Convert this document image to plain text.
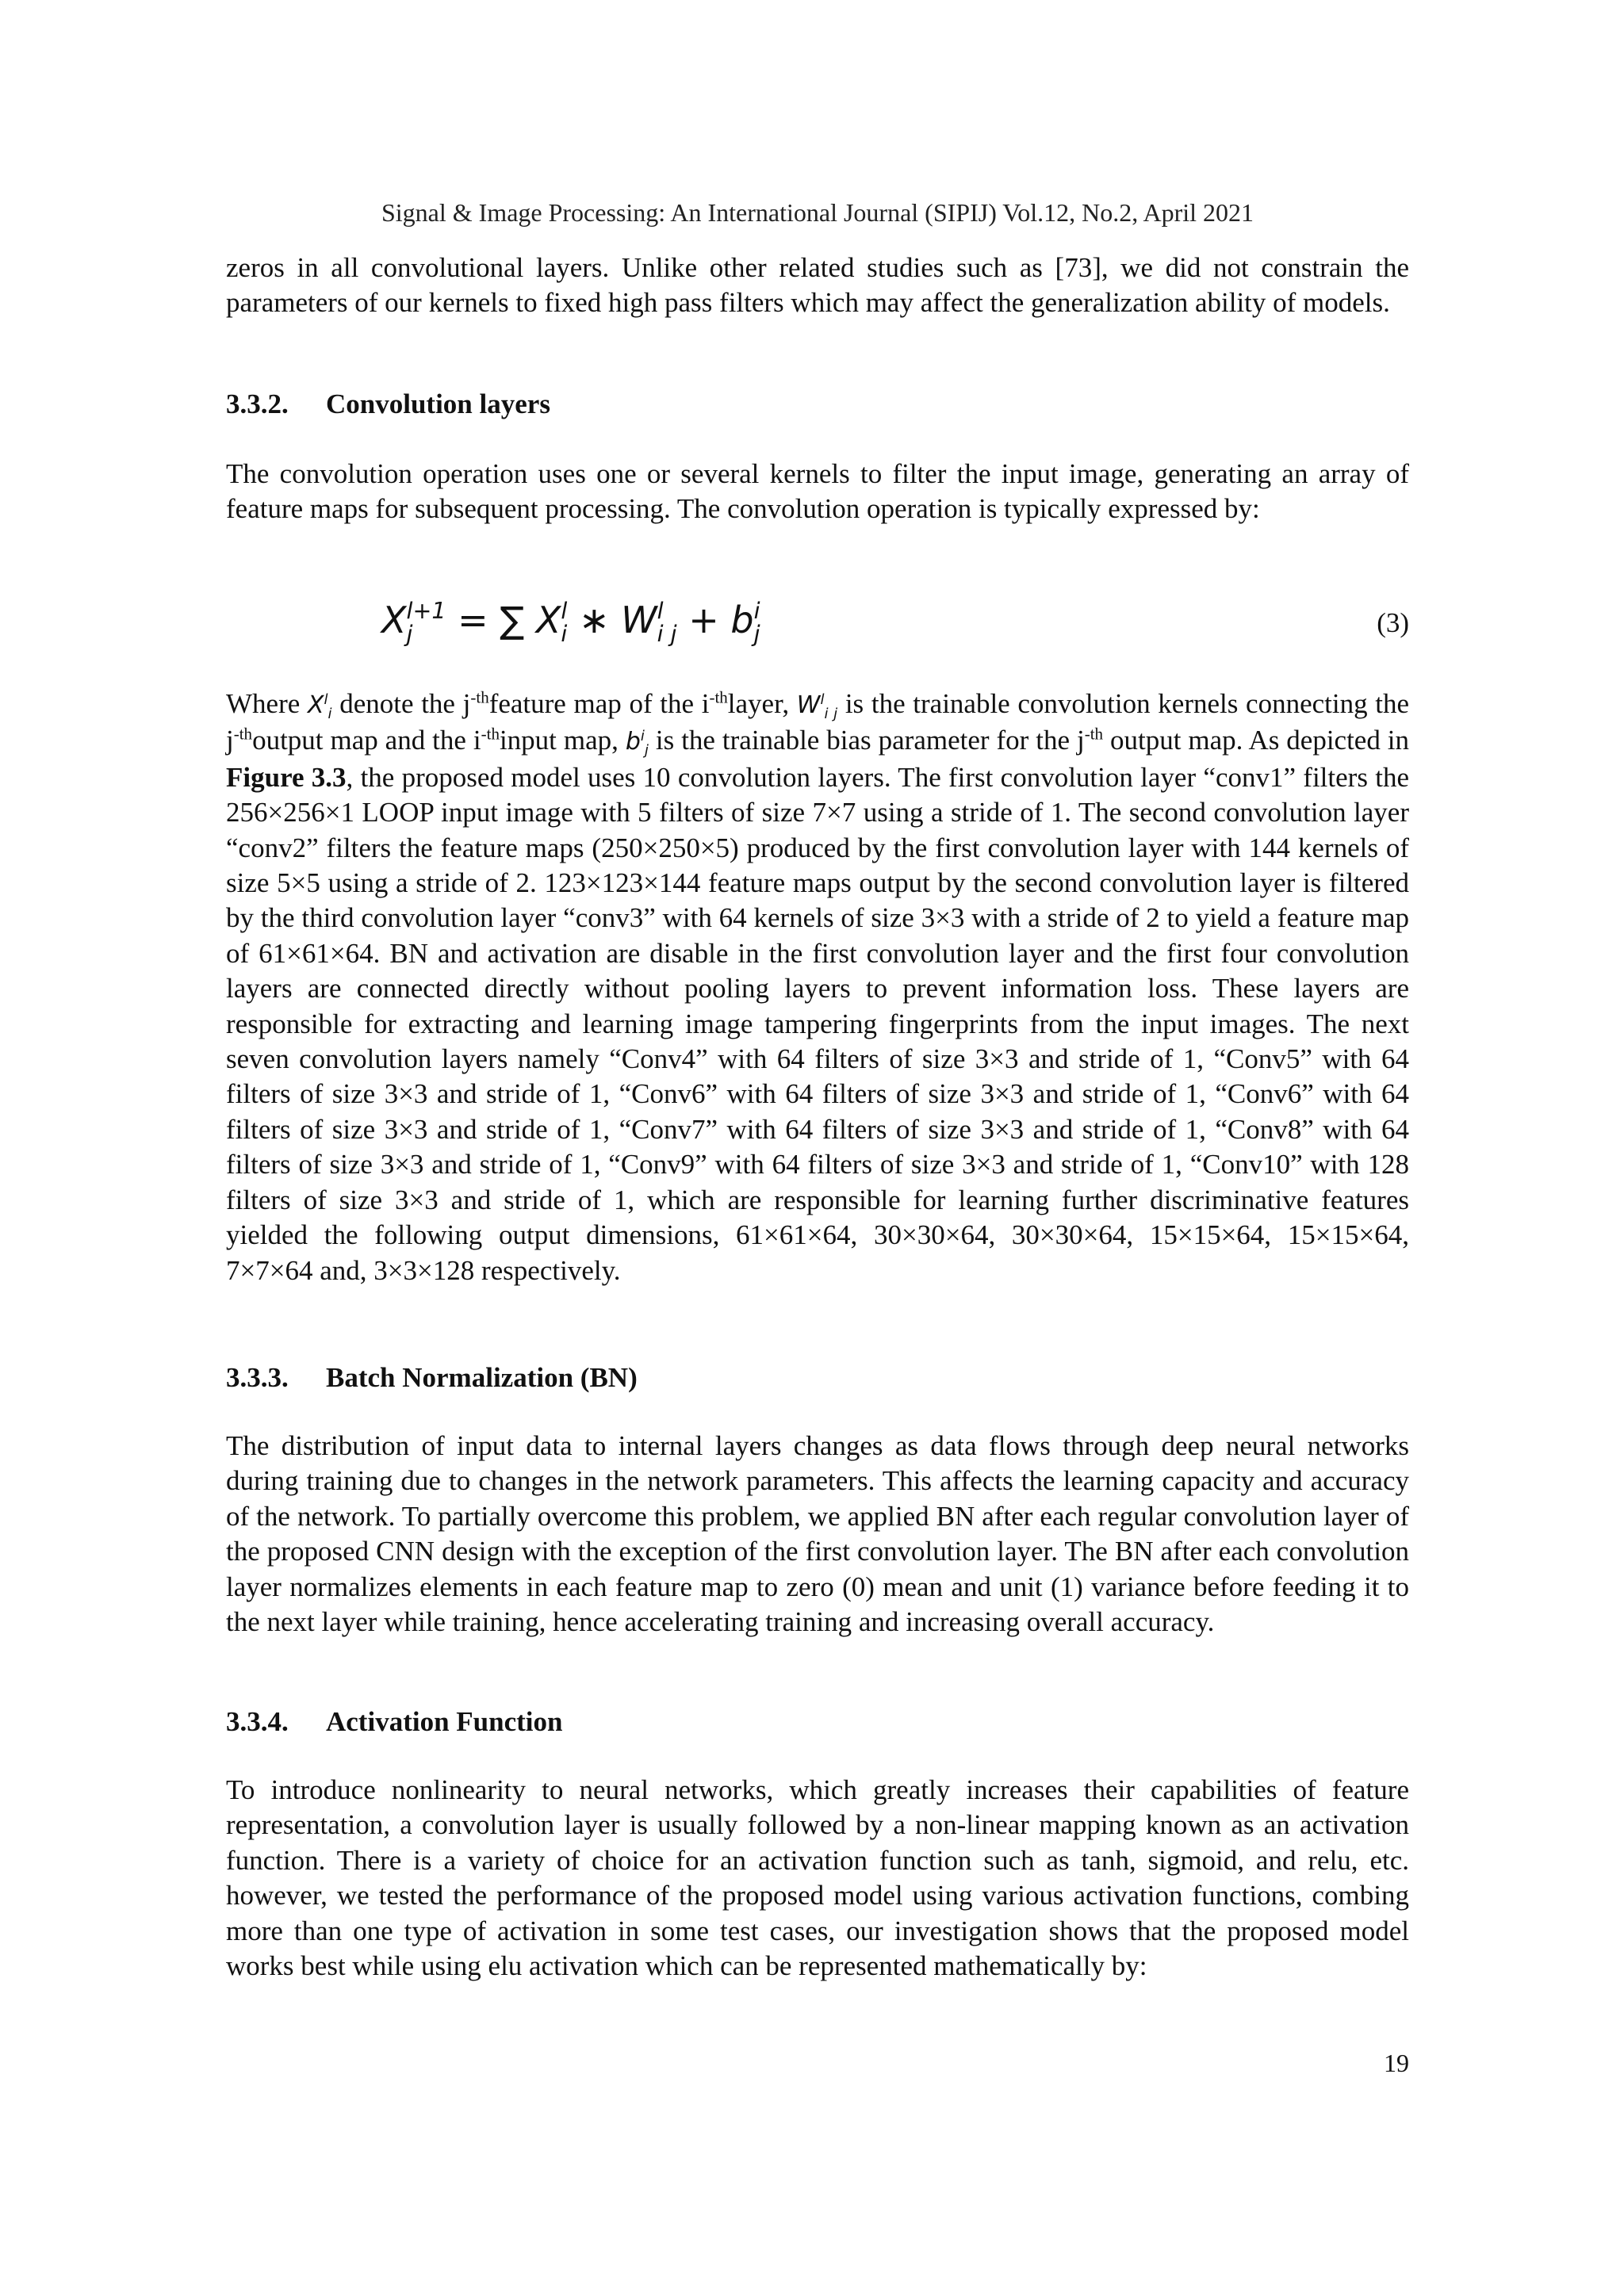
Signal & Image Processing: An International Journal (SIPIJ) Vol.12, No.2, April 2021

zeros in all convolutional layers. Unlike other related studies such as [73], we did not constrain the parameters of our kernels to fixed high pass filters which may affect the generalization ability of models.

3.3.2. Convolution layers

The convolution operation uses one or several kernels to filter the input image, generating an array of feature maps for subsequent processing. The convolution operation is typically expressed by:

X l+1
j	= ∑ X l
i ∗ W l
i j + b i
j	(3)

Where $X^l_i$ denote the $j^{-th}feature$ map of the $i^{-th}layer$, $W^l_{i j}$ is the trainable convolution kernels connecting the $j^{-th}output$ map and the $i^{-th}input$ map, $b^i_j$ is the trainable bias parameter for the $j^{-th}$ output map. As depicted in Figure 3.3, the proposed model uses 10 convolution layers. The first convolution layer “conv1” filters the 256×256×1 LOOP input image with 5 filters of size 7×7 using a stride of 1. The second convolution layer “conv2” filters the feature maps (250×250×5) produced by the first convolution layer with 144 kernels of size 5×5 using a stride of 2. 123×123×144 feature maps output by the second convolution layer is filtered by the third convolution layer “conv3” with 64 kernels of size 3×3 with a stride of 2 to yield a feature map of 61×61×64. BN and activation are disable in the first convolution layer and the first four convolution layers are connected directly without pooling layers to prevent information loss. These layers are responsible for extracting and learning image tampering fingerprints from the input images. The next seven convolution layers namely “Conv4” with 64 filters of size 3×3 and stride of 1, “Conv5” with 64 filters of size 3×3 and stride of 1, “Conv6” with 64 filters of size 3×3 and stride of 1, “Conv6” with 64 filters of size 3×3 and stride of 1, “Conv7” with 64 filters of size 3×3 and stride of 1, “Conv8” with 64 filters of size 3×3 and stride of 1, “Conv9” with 64 filters of size 3×3 and stride of 1, “Conv10” with 128 filters of size 3×3 and stride of 1, which are responsible for learning further discriminative features yielded the following output dimensions, 61×61×64, 30×30×64, 30×30×64, 15×15×64, 15×15×64, 7×7×64 and, 3×3×128 respectively.

3.3.3. Batch Normalization (BN)

The distribution of input data to internal layers changes as data flows through deep neural networks during training due to changes in the network parameters. This affects the learning capacity and accuracy of the network. To partially overcome this problem, we applied BN after each regular convolution layer of the proposed CNN design with the exception of the first convolution layer. The BN after each convolution layer normalizes elements in each feature map to zero (0) mean and unit (1) variance before feeding it to the next layer while training, hence accelerating training and increasing overall accuracy.

3.3.4. Activation Function

To introduce nonlinearity to neural networks, which greatly increases their capabilities of feature representation, a convolution layer is usually followed by a non-linear mapping known as an activation function. There is a variety of choice for an activation function such as tanh, sigmoid, and relu, etc. however, we tested the performance of the proposed model using various activation functions, combing more than one type of activation in some test cases, our investigation shows that the proposed model works best while using elu activation which can be represented mathematically by:

19
